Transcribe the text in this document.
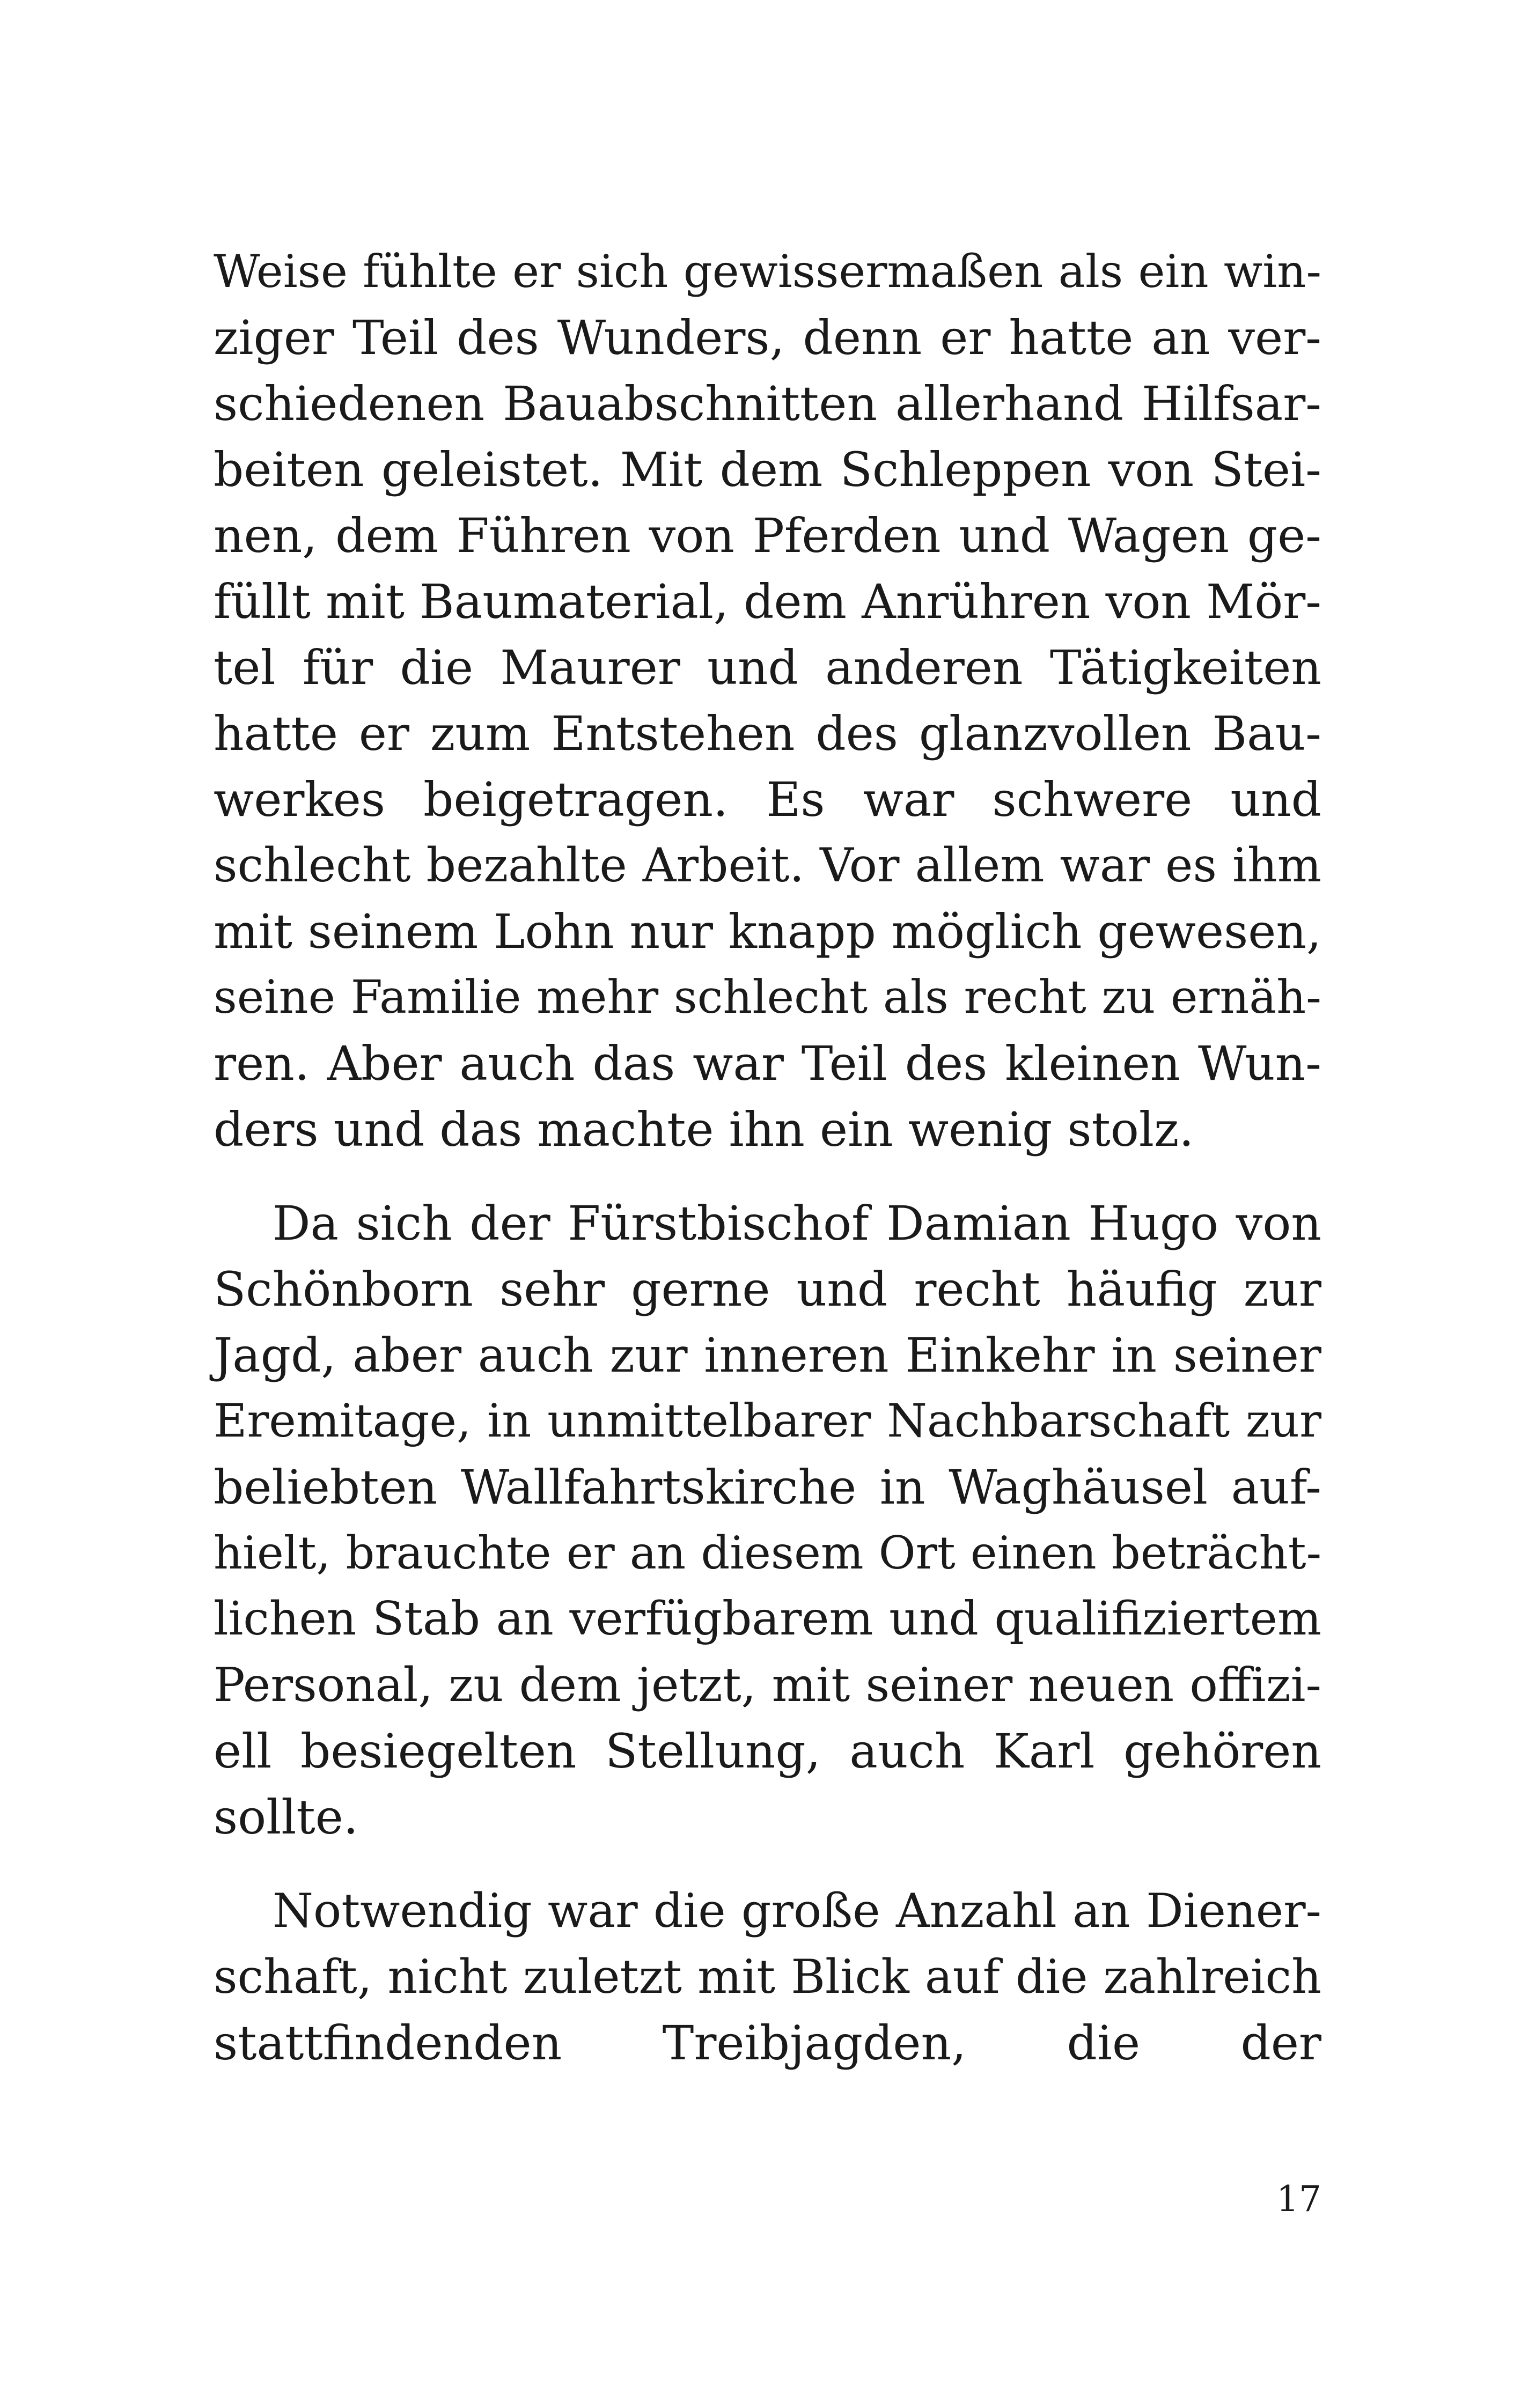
Weise fühlte er sich gewissermaßen als ein win-
ziger Teil des Wunders, denn er hatte an ver-
schiedenen Bauabschnitten allerhand Hilfsar-
beiten geleistet. Mit dem Schleppen von Stei-
nen, dem Führen von Pferden und Wagen ge-
füllt mit Baumaterial, dem Anrühren von Mör-
tel für die Maurer und anderen Tätigkeiten
hatte er zum Entstehen des glanzvollen Bau-
werkes beigetragen. Es war schwere und
schlecht bezahlte Arbeit. Vor allem war es ihm
mit seinem Lohn nur knapp möglich gewesen,
seine Familie mehr schlecht als recht zu ernäh-
ren. Aber auch das war Teil des kleinen Wun-
ders und das machte ihn ein wenig stolz.
Da sich der Fürstbischof Damian Hugo von
Schönborn sehr gerne und recht häufig zur
Jagd, aber auch zur inneren Einkehr in seiner
Eremitage, in unmittelbarer Nachbarschaft zur
beliebten Wallfahrtskirche in Waghäusel auf-
hielt, brauchte er an diesem Ort einen beträcht-
lichen Stab an verfügbarem und qualifiziertem
Personal, zu dem jetzt, mit seiner neuen offizi-
ell besiegelten Stellung, auch Karl gehören
sollte.
Notwendig war die große Anzahl an Diener-
schaft, nicht zuletzt mit Blick auf die zahlreich
stattfindenden Treibjagden, die der
17
